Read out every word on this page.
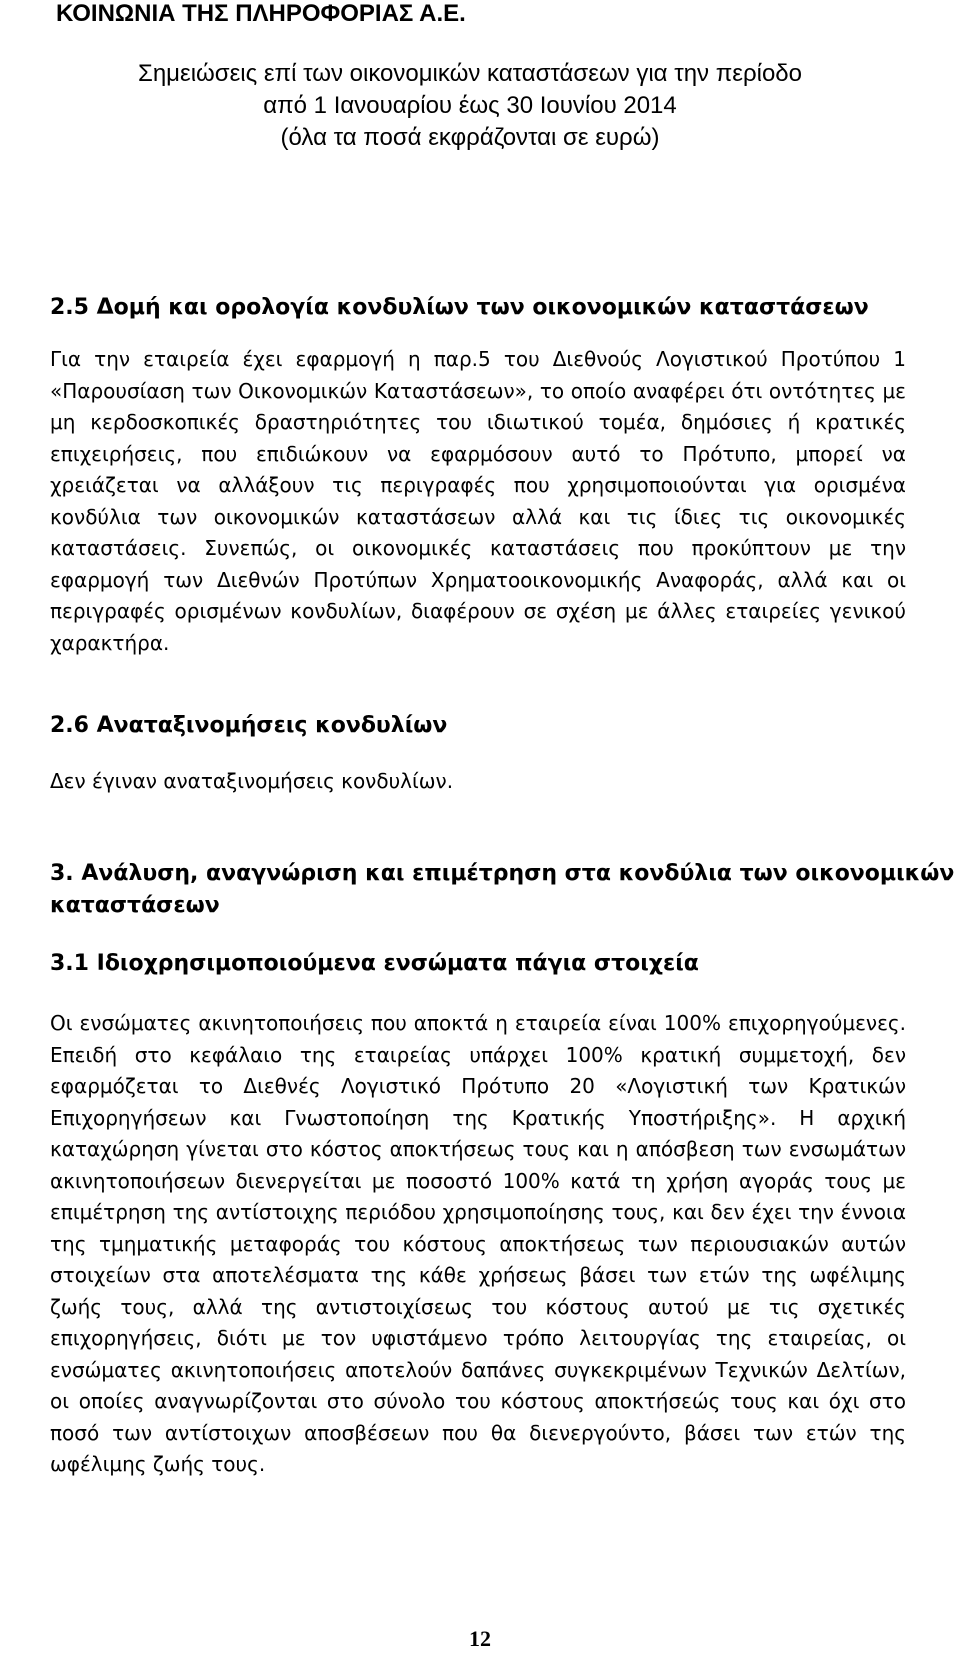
ΚΟΙΝΩΝΙΑ ΤΗΣ ΠΛΗΡΟΦΟΡΙΑΣ Α.Ε.
Σημειώσεις επί των οικονομικών καταστάσεων για την περίοδο
από 1 Ιανουαρίου έως 30 Ιουνίου 2014
(όλα τα ποσά εκφράζονται σε ευρώ)
2.5 Δομή και ορολογία κονδυλίων των οικονομικών καταστάσεων
Για την εταιρεία έχει εφαρμογή η παρ.5 του Διεθνούς Λογιστικού Προτύπου 1 «Παρουσίαση των Οικονομικών Καταστάσεων», το οποίο αναφέρει ότι οντότητες με μη κερδοσκοπικές δραστηριότητες του ιδιωτικού τομέα, δημόσιες ή κρατικές επιχειρήσεις, που επιδιώκουν να εφαρμόσουν αυτό το Πρότυπο, μπορεί να χρειάζεται να αλλάξουν τις περιγραφές που χρησιμοποιούνται για ορισμένα κονδύλια των οικονομικών καταστάσεων αλλά και τις ίδιες τις οικονομικές καταστάσεις. Συνεπώς, οι οικονομικές καταστάσεις που προκύπτουν με την εφαρμογή των Διεθνών Προτύπων Χρηματοοικονομικής Αναφοράς, αλλά και οι περιγραφές ορισμένων κονδυλίων, διαφέρουν σε σχέση με άλλες εταιρείες γενικού χαρακτήρα.
2.6 Αναταξινομήσεις κονδυλίων
Δεν έγιναν αναταξινομήσεις κονδυλίων.
3. Ανάλυση, αναγνώριση και επιμέτρηση στα κονδύλια των οικονομικών
καταστάσεων
3.1 Ιδιοχρησιμοποιούμενα ενσώματα πάγια στοιχεία
Οι ενσώματες ακινητοποιήσεις που αποκτά η εταιρεία είναι 100% επιχορηγούμενες. Επειδή στο κεφάλαιο της εταιρείας υπάρχει 100% κρατική συμμετοχή, δεν εφαρμόζεται το Διεθνές Λογιστικό Πρότυπο 20 «Λογιστική των Κρατικών Επιχορηγήσεων και Γνωστοποίηση της Κρατικής Υποστήριξης». Η αρχική καταχώρηση γίνεται στο κόστος αποκτήσεως τους και η απόσβεση των ενσωμάτων ακινητοποιήσεων διενεργείται με ποσοστό 100% κατά τη χρήση αγοράς τους με επιμέτρηση της αντίστοιχης περιόδου χρησιμοποίησης τους, και δεν έχει την έννοια της τμηματικής μεταφοράς του κόστους αποκτήσεως των περιουσιακών αυτών στοιχείων στα αποτελέσματα της κάθε χρήσεως βάσει των ετών της ωφέλιμης ζωής τους, αλλά της αντιστοιχίσεως του κόστους αυτού με τις σχετικές επιχορηγήσεις, διότι με τον υφιστάμενο τρόπο λειτουργίας της εταιρείας, οι ενσώματες ακινητοποιήσεις αποτελούν δαπάνες συγκεκριμένων Τεχνικών Δελτίων, οι οποίες αναγνωρίζονται στο σύνολο του κόστους αποκτήσεώς τους και όχι στο ποσό των αντίστοιχων αποσβέσεων που θα διενεργούντο, βάσει των ετών της ωφέλιμης ζωής τους.
12
